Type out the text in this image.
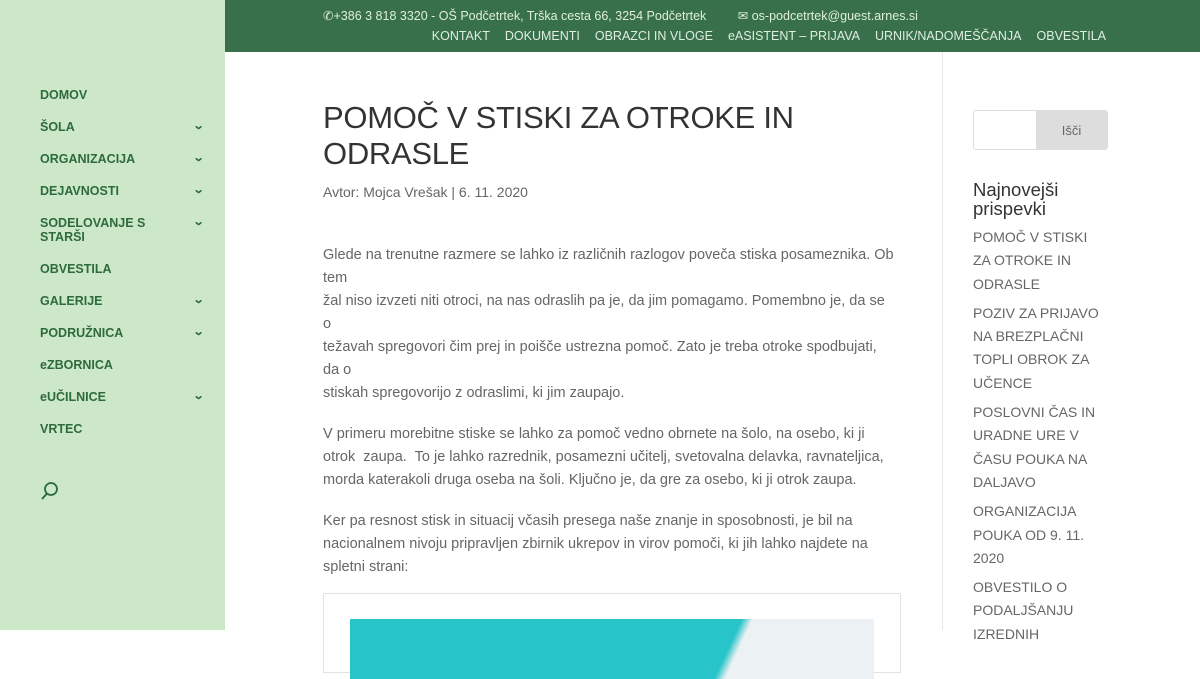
DOMOV
ŠOLA	⌄
ORGANIZACIJA	⌄
DEJAVNOSTI	⌄
SODELOVANJE S STARŠI
⌄
OBVESTILA
GALERIJE	⌄
PODRUŽNICA	⌄
eZBORNICA
eUČILNICE	⌄
VRTEC
✆+386 3 818 3320 - OŠ Podčetrtek, Trška cesta 66, 3254 Podčetrtek	✉ os-podcetrtek@guest.arnes.si
KONTAKT DOKUMENTI OBRAZCI IN VLOGE eASISTENT – PRIJAVA URNIK/NADOMEŠČANJA OBVESTILA
POMOČ V STISKI ZA OTROKE IN ODRASLE
Avtor: Mojca Vrešak | 6. 11. 2020
Glede na trenutne razmere se lahko iz različnih razlogov poveča stiska posameznika. Ob
tem
žal niso izvzeti niti otroci, na nas odraslih pa je, da jim pomagamo. Pomembno je, da se
o
težavah spregovori čim prej in poišče ustrezna pomoč. Zato je treba otroke spodbujati,
da o
stiskah spregovorijo z odraslimi, ki jim zaupajo.
V primeru morebitne stiske se lahko za pomoč vedno obrnete na šolo, na osebo, ki ji
otrok  zaupa.  To je lahko razrednik, posamezni učitelj, svetovalna delavka, ravnateljica,
morda katerakoli druga oseba na šoli. Ključno je, da gre za osebo, ki ji otrok zaupa.
Ker pa resnost stisk in situacij včasih presega naše znanje in sposobnosti, je bil na
nacionalnem nivoju pripravljen zbirnik ukrepov in virov pomoči, ki jih lahko najdete na
spletni strani:
Išči
Najnovejši prispevki
POMOČ V STISKI ZA OTROKE IN ODRASLE
POZIV ZA PRIJAVO NA BREZPLAČNI TOPLI OBROK ZA UČENCE
POSLOVNI ČAS IN URADNE URE V ČASU POUKA NA DALJAVO
ORGANIZACIJA POUKA OD 9. 11. 2020
OBVESTILO O PODALJŠANJU IZREDNIH
